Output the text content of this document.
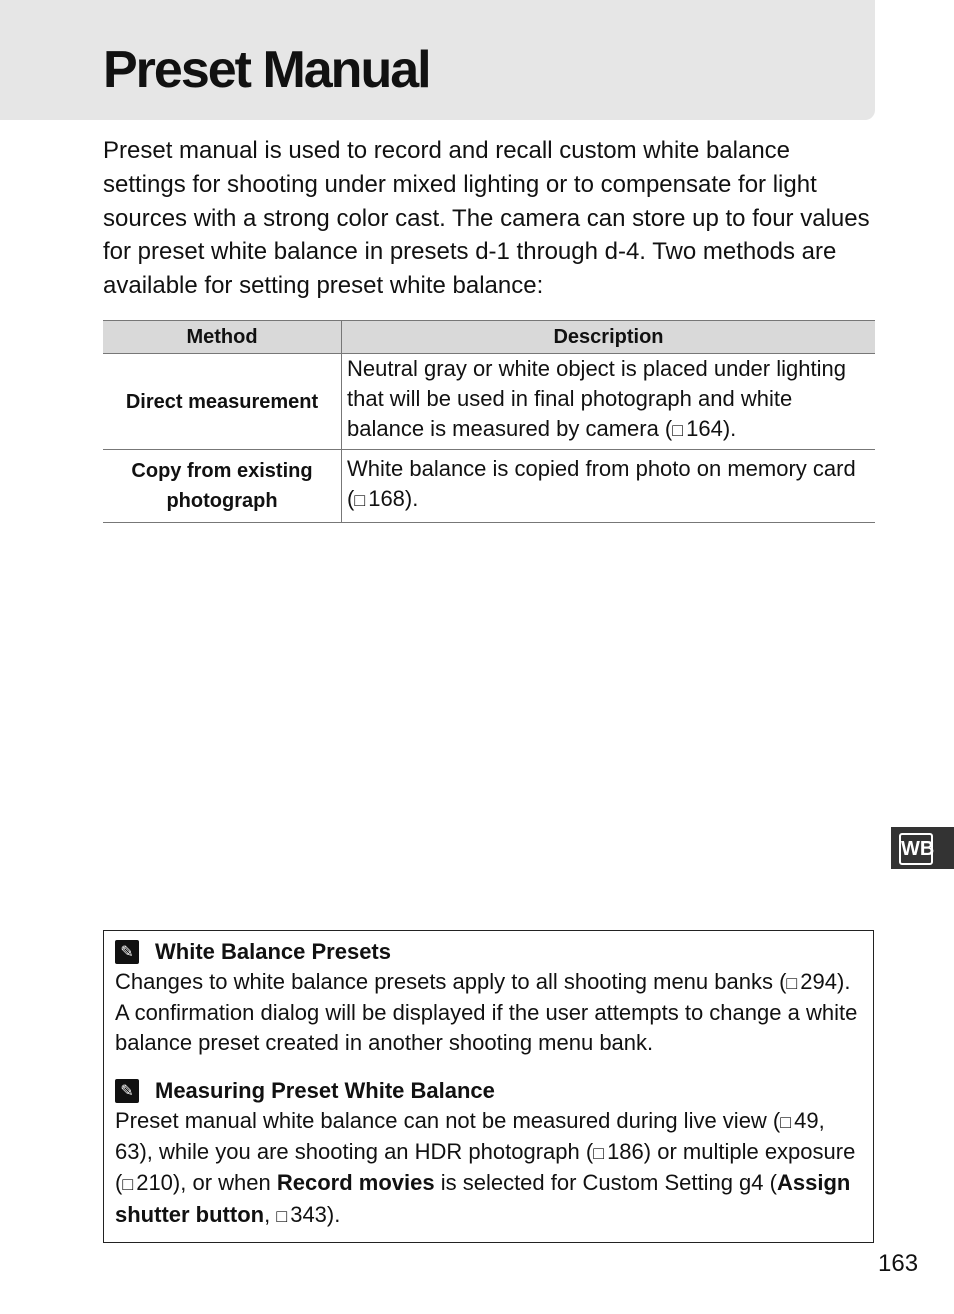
Preset Manual

Preset manual is used to record and recall custom white balance settings for shooting under mixed lighting or to compensate for light sources with a strong color cast. The camera can store up to four values for preset white balance in presets d-1 through d-4. Two methods are available for setting preset white balance:

Method	Description
Direct measurement	Neutral gray or white object is placed under lighting that will be used in final photograph and white balance is measured by camera ( □ 164).
Copy from existing photograph	White balance is copied from photo on memory card ( □ 168).
WB
✎ White Balance Presets

Changes to white balance presets apply to all shooting menu banks ( □ 294). A confirmation dialog will be displayed if the user attempts to change a white balance preset created in another shooting menu bank.

✎ Measuring Preset White Balance

Preset manual white balance can not be measured during live view ( □ 49, 63), while you are shooting an HDR photograph ( □ 186) or multiple exposure ( □ 210), or when Record movies is selected for Custom Setting g4 (Assign shutter button, □ 343).

163
